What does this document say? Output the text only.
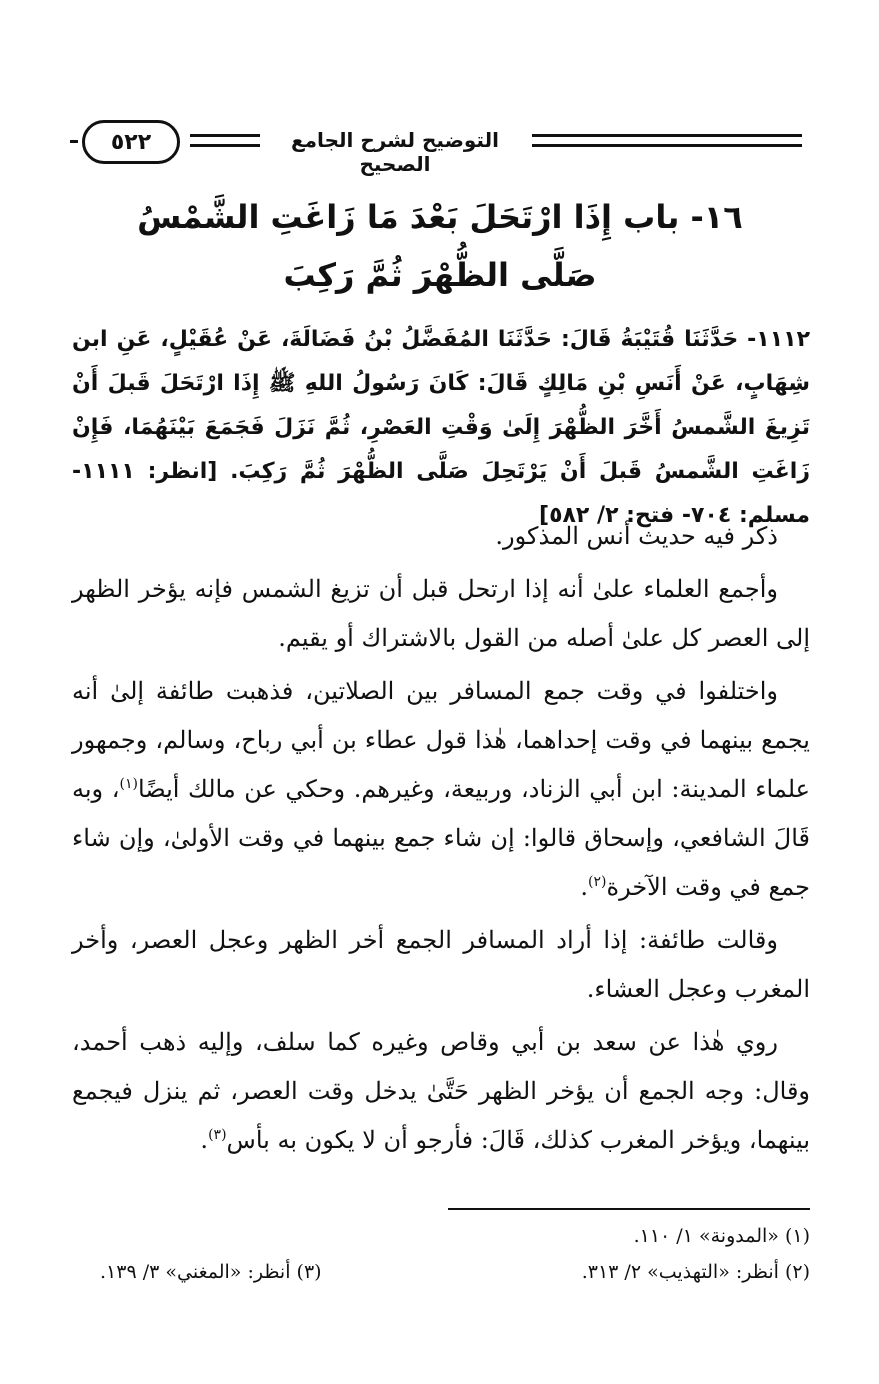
٥٢٢	التوضيح لشرح الجامع الصحيح
١٦- باب إِذَا ارْتَحَلَ بَعْدَ مَا زَاغَتِ الشَّمْسُ
صَلَّى الظُّهْرَ ثُمَّ رَكِبَ

١١١٢- حَدَّثَنَا قُتَيْبَةُ قَالَ: حَدَّثَنَا المُفَضَّلُ بْنُ فَضَالَةَ، عَنْ عُقَيْلٍ، عَنِ ابن شِهَابٍ، عَنْ أَنَسِ بْنِ مَالِكٍ قَالَ: كَانَ رَسُولُ اللهِ ﷺ إِذَا ارْتَحَلَ قَبلَ أَنْ تَزِيغَ الشَّمسُ أَخَّرَ الظُّهْرَ إِلَىٰ وَقْتِ العَصْرِ، ثُمَّ نَزَلَ فَجَمَعَ بَيْنَهُمَا، فَإِنْ زَاغَتِ الشَّمسُ قَبلَ أَنْ يَرْتَحِلَ صَلَّى الظُّهْرَ ثُمَّ رَكِبَ. [انظر: ١١١١- مسلم: ٧٠٤- فتح: ٢/ ٥٨٢]

ذكر فيه حديث أنس المذكور.

وأجمع العلماء علىٰ أنه إذا ارتحل قبل أن تزيغ الشمس فإنه يؤخر الظهر إلى العصر كل علىٰ أصله من القول بالاشتراك أو يقيم.

واختلفوا في وقت جمع المسافر بين الصلاتين، فذهبت طائفة إلىٰ أنه يجمع بينهما في وقت إحداهما، هٰذا قول عطاء بن أبي رباح، وسالم، وجمهور علماء المدينة: ابن أبي الزناد، وربيعة، وغيرهم. وحكي عن مالك أيضًا$^{(١)}$، وبه قَالَ الشافعي، وإسحاق قالوا: إن شاء جمع بينهما في وقت الأولىٰ، وإن شاء جمع في وقت الآخرة$^{(٢)}$.

وقالت طائفة: إذا أراد المسافر الجمع أخر الظهر وعجل العصر، وأخر المغرب وعجل العشاء.

روي هٰذا عن سعد بن أبي وقاص وغيره كما سلف، وإليه ذهب أحمد، وقال: وجه الجمع أن يؤخر الظهر حَتَّىٰ يدخل وقت العصر، ثم ينزل فيجمع بينهما، ويؤخر المغرب كذلك، قَالَ: فأرجو أن لا يكون به بأس$^{(٣)}$.

(١) «المدونة» ١/ ١١٠.
(٢) أنظر: «التهذيب» ٢/ ٣١٣.
(٣) أنظر: «المغني» ٣/ ١٣٩.
